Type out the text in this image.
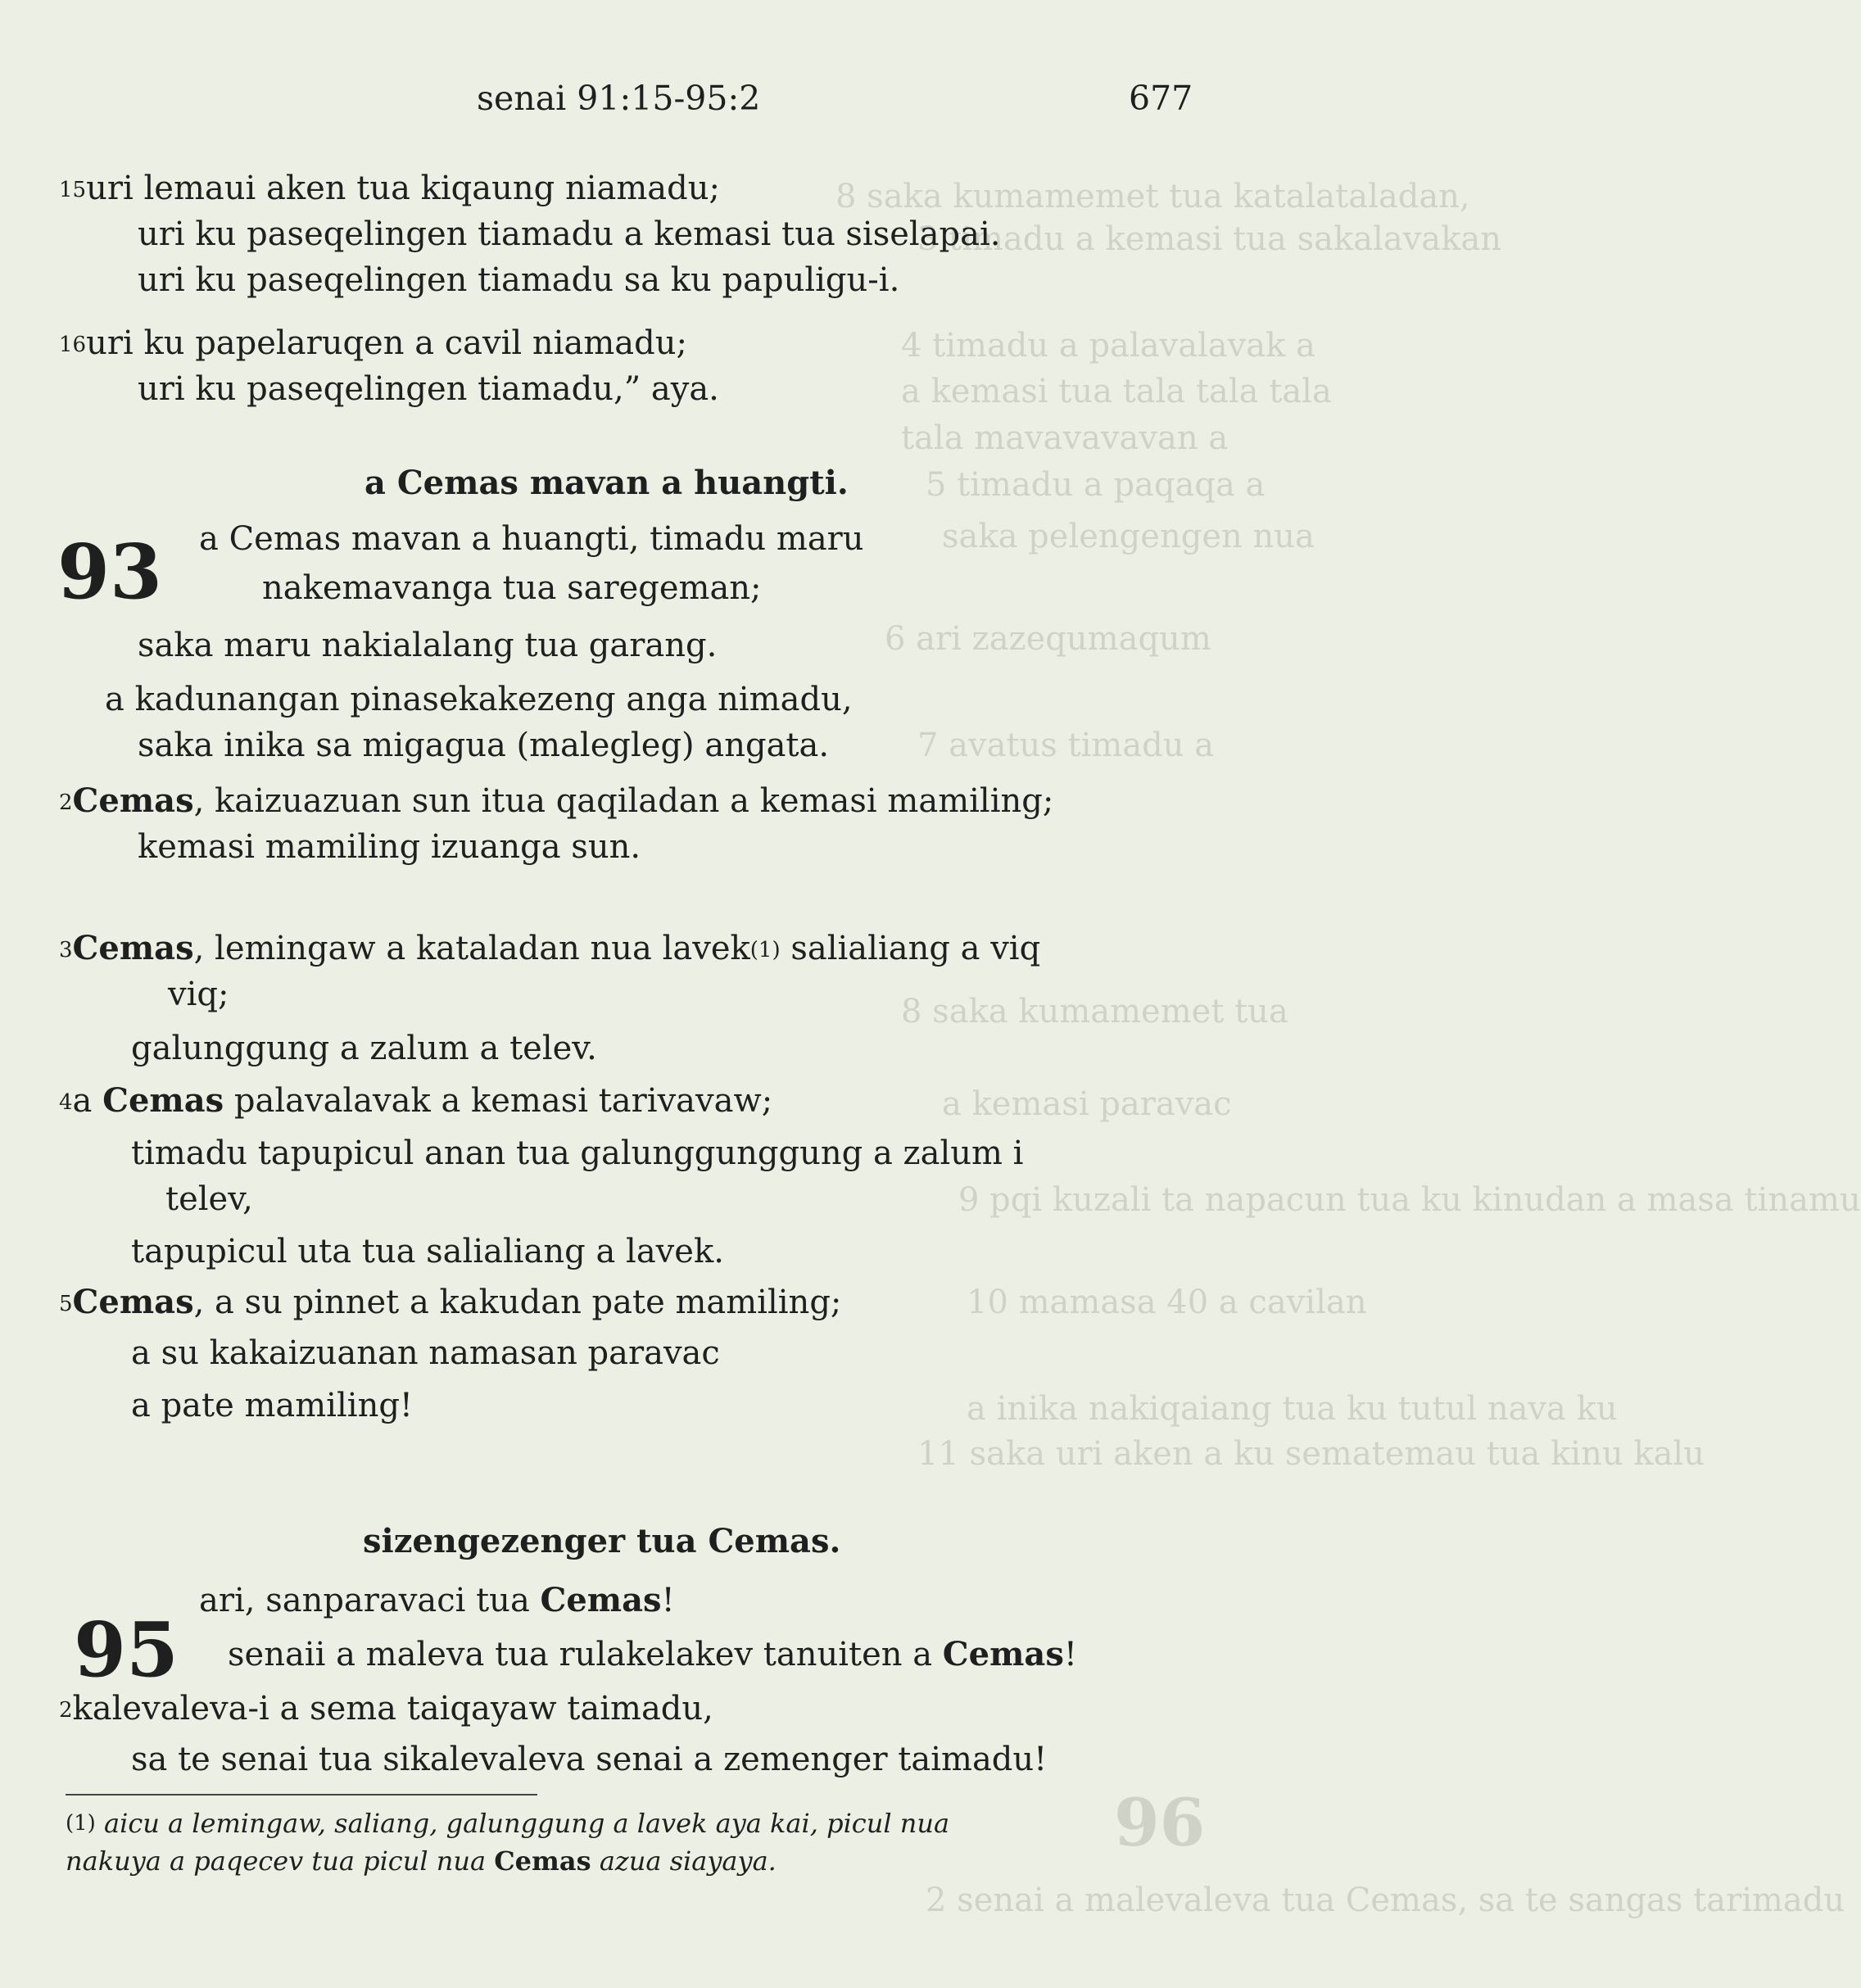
8 saka kumamemet tua katalataladan,
3 timadu a kemasi tua sakalavakan
4 timadu a palavalavak a
a kemasi tua tala tala tala
tala mavavavavan a
5 timadu a paqaqa a
saka pelengengen nua
6 ari zazequmaqum
7 avatus timadu a
8 saka kumamemet tua
a kemasi paravac
9 pqi kuzali ta napacun tua ku kinudan a masa tinamu
10 mamasa 40 a cavilan
a inika nakiqaiang tua ku tutul nava ku
11 saka uri aken a ku sematemau tua kinu kalu
96
2 senai a malevaleva tua Cemas, sa te sangas tarimadu
senai 91:15-95:2	677
$^{15}$uri lemaui aken tua kiqaung niamadu;
uri ku paseqelingen tiamadu a kemasi tua siselapai.
uri ku paseqelingen tiamadu sa ku papuligu-i.
$^{16}$uri ku papelaruqen a cavil niamadu;
uri ku paseqelingen tiamadu,” aya.
a Cemas mavan a huangti.
93 a Cemas mavan a huangti, timadu maru
nakemavanga tua saregeman;
saka maru nakialalang tua garang.
a kadunangan pinasekakezeng anga nimadu,
saka inika sa migagua (malegleg) angata.
$^2$Cemas, kaizuazuan sun itua qaqiladan a kemasi mamiling;
kemasi mamiling izuanga sun.
$^3$Cemas, lemingaw a kataladan nua lavek$^{(1)}$ salialiang a viq
viq;
galunggung a zalum a telev.
$^4$a Cemas palavalavak a kemasi tarivavaw;
timadu tapupicul anan tua galunggunggung a zalum i
telev,
tapupicul uta tua salialiang a lavek.
$^5$Cemas, a su pinnet a kakudan pate mamiling;
a su kakaizuanan namasan paravac
a pate mamiling!
sizengezenger tua Cemas.
95
ari, sanparavaci tua Cemas!
senaii a maleva tua rulakelakev tanuiten a Cemas!
$^2$kalevaleva-i a sema taiqayaw taimadu,
sa te senai tua sikalevaleva senai a zemenger taimadu!
$^{(1)}$ aicu a lemingaw, saliang, galunggung a lavek aya kai, picul nua
nakuya a paqecev tua picul nua Cemas azua siayaya.
